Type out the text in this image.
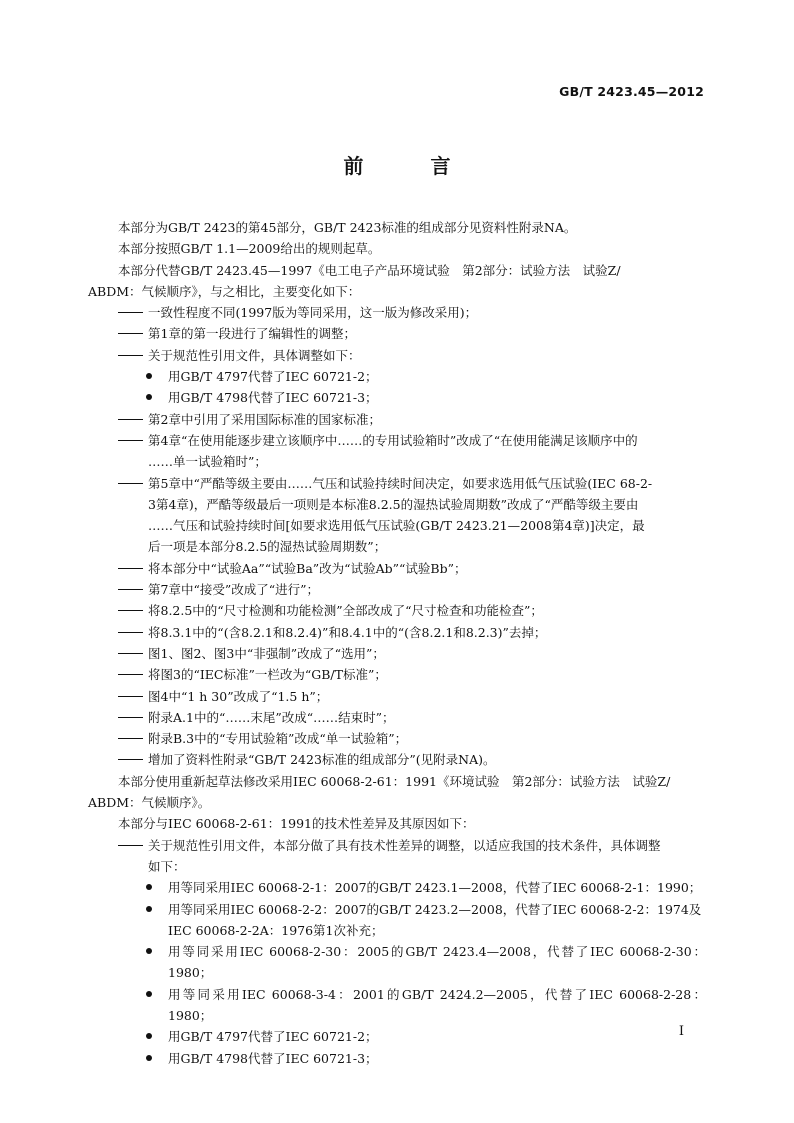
GB/T 2423.45—2012
前 言

本部分为GB/T 2423的第45部分，GB/T 2423标准的组成部分见资料性附录NA。

本部分按照GB/T 1.1—2009给出的规则起草。

本部分代替GB/T 2423.45—1997《电工电子产品环境试验　第2部分：试验方法　试验Z/

ABDM：气候顺序》，与之相比，主要变化如下：

一致性程度不同(1997版为等同采用，这一版为修改采用)；
第1章的第一段进行了编辑性的调整；
关于规范性引用文件，具体调整如下：
用GB/T 4797代替了IEC 60721-2；
用GB/T 4798代替了IEC 60721-3；
第2章中引用了采用国际标准的国家标准；
第4章“在使用能逐步建立该顺序中……的专用试验箱时”改成了“在使用能满足该顺序中的
……单一试验箱时”；
第5章中“严酷等级主要由……气压和试验持续时间决定，如要求选用低气压试验(IEC 68-2-
3第4章)，严酷等级最后一项则是本标准8.2.5的湿热试验周期数”改成了“严酷等级主要由
……气压和试验持续时间[如要求选用低气压试验(GB/T 2423.21—2008第4章)]决定，最
后一项是本部分8.2.5的湿热试验周期数”；
将本部分中“试验Aa”“试验Ba”改为“试验Ab”“试验Bb”；
第7章中“接受”改成了“进行”；
将8.2.5中的“尺寸检测和功能检测”全部改成了“尺寸检查和功能检查”；
将8.3.1中的“(含8.2.1和8.2.4)”和8.4.1中的“(含8.2.1和8.2.3)”去掉；
图1、图2、图3中“非强制”改成了“选用”；
将图3的“IEC标准”一栏改为“GB/T标准”；
图4中“1 h 30”改成了“1.5 h”；
附录A.1中的“……末尾”改成“……结束时”；
附录B.3中的“专用试验箱”改成“单一试验箱”；
增加了资料性附录“GB/T 2423标准的组成部分”(见附录NA)。

本部分使用重新起草法修改采用IEC 60068-2-61：1991《环境试验　第2部分：试验方法　试验Z/

ABDM：气候顺序》。

本部分与IEC 60068-2-61：1991的技术性差异及其原因如下：

关于规范性引用文件，本部分做了具有技术性差异的调整，以适应我国的技术条件，具体调整
如下：
用等同采用IEC 60068-2-1：2007的GB/T 2423.1—2008，代替了IEC 60068-2-1：1990；
用等同采用IEC 60068-2-2：2007的GB/T 2423.2—2008，代替了IEC 60068-2-2：1974及
IEC 60068-2-2A：1976第1次补充；
用等同采用IEC 60068-2-30：2005的GB/T 2423.4—2008，代替了IEC 60068-2-30：1980；
用等同采用IEC 60068-3-4：2001的GB/T 2424.2—2005，代替了IEC 60068-2-28：1980；
用GB/T 4797代替了IEC 60721-2；
用GB/T 4798代替了IEC 60721-3；
I
